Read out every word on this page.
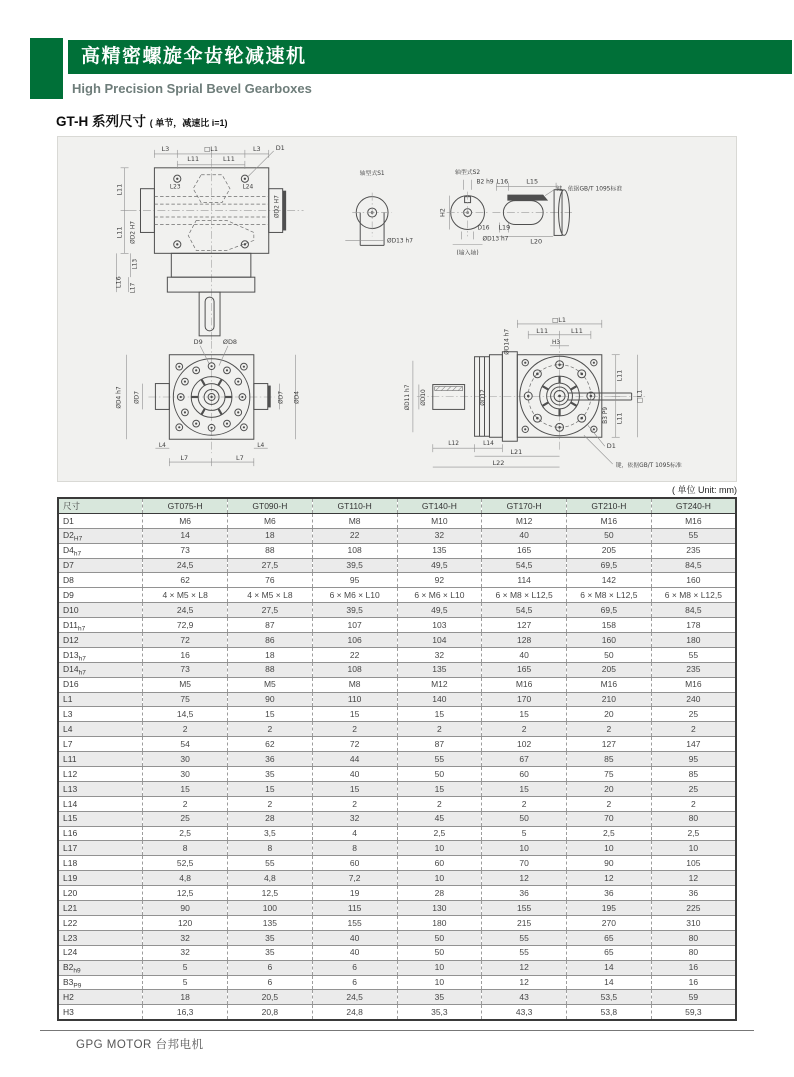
高精密螺旋伞齿轮减速机
High Precision Sprial Bevel Gearboxes
GT-H 系列尺寸 ( 单节，减速比 i=1)
L3	□L1	L3 D1
L11	L11
L23	L24
ØD2 H7
L11
L11 ØD2 H7
L13
L16
L17
轴型式S1
ØD13 h7
轴型式S2
B2 h9
H2
D16
ØD13 h7
(输入轴)
L16	L15
键，依据GB/T 1095标准
L19
L20
D9	ØD8
ØD4 h7 ØD7	ØD7 ØD4
L4	L4
L7	L7
□L1
L11	L11
H3
ØD14 h7
ØD11 h7 ØD10	ØD12
L11
L11
□L1
B3 P9
L12	L14
L21
L22
D1
键，依据GB/T 1095标准
( 单位 Unit: mm)
尺寸	GT075-H	GT090-H	GT110-H	GT140-H	GT170-H	GT210-H	GT240-H
D1	M6	M6	M8	M10	M12	M16	M16
$D2_{H7}$	14	18	22	32	40	50	55
$D4_{h7}$	73	88	108	135	165	205	235
D7	24,5	27,5	39,5	49,5	54,5	69,5	84,5
D8	62	76	95	92	114	142	160
D9	4 × M5 × L8	4 × M5 × L8	6 × M6 × L10	6 × M6 × L10	6 × M8 × L12,5	6 × M8 × L12,5	6 × M8 × L12,5
D10	24,5	27,5	39,5	49,5	54,5	69,5	84,5
$D11_{h7}$	72,9	87	107	103	127	158	178
D12	72	86	106	104	128	160	180
$D13_{h7}$	16	18	22	32	40	50	55
$D14_{h7}$	73	88	108	135	165	205	235
D16	M5	M5	M8	M12	M16	M16	M16
L1	75	90	110	140	170	210	240
L3	14,5	15	15	15	15	20	25
L4	2	2	2	2	2	2	2
L7	54	62	72	87	102	127	147
L11	30	36	44	55	67	85	95
L12	30	35	40	50	60	75	85
L13	15	15	15	15	15	20	25
L14	2	2	2	2	2	2	2
L15	25	28	32	45	50	70	80
L16	2,5	3,5	4	2,5	5	2,5	2,5
L17	8	8	8	10	10	10	10
L18	52,5	55	60	60	70	90	105
L19	4,8	4,8	7,2	10	12	12	12
L20	12,5	12,5	19	28	36	36	36
L21	90	100	115	130	155	195	225
L22	120	135	155	180	215	270	310
L23	32	35	40	50	55	65	80
L24	32	35	40	50	55	65	80
$B2_{h9}$	5	6	6	10	12	14	16
$B3_{P9}$	5	6	6	10	12	14	16
H2	18	20,5	24,5	35	43	53,5	59
H3	16,3	20,8	24,8	35,3	43,3	53,8	59,3
GPG MOTOR 台邦电机
